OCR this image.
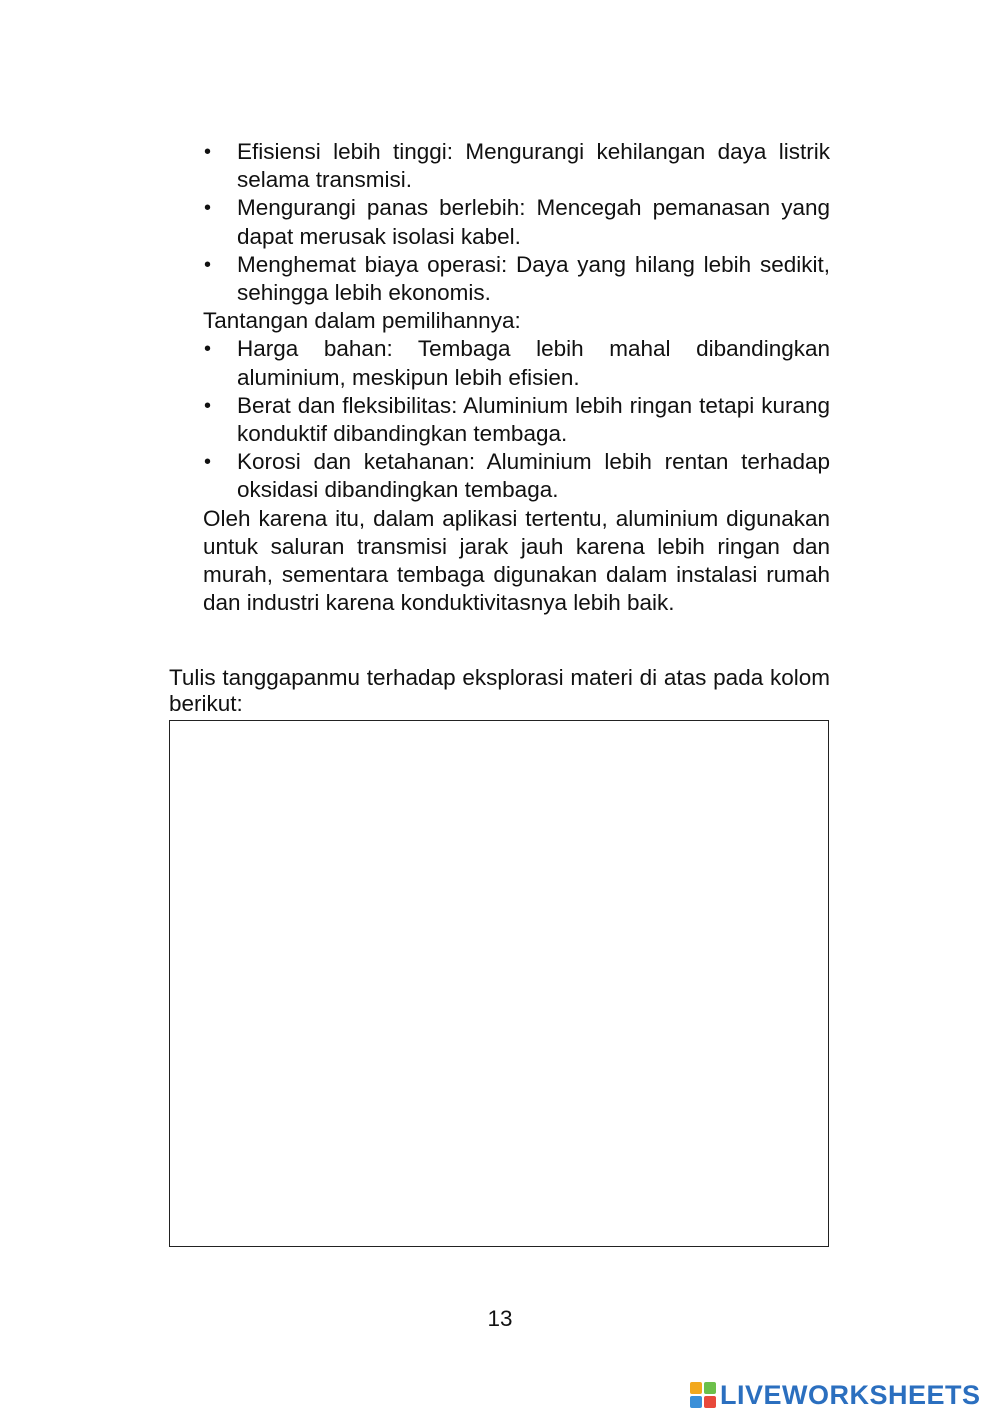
• Efisiensi lebih tinggi: Mengurangi kehilangan daya listrik selama transmisi.
• Mengurangi panas berlebih: Mencegah pemanasan yang dapat merusak isolasi kabel.
• Menghemat biaya operasi: Daya yang hilang lebih sedikit, sehingga lebih ekonomis.

Tantangan dalam pemilihannya:

• Harga bahan: Tembaga lebih mahal dibandingkan aluminium, meskipun lebih efisien.
• Berat dan fleksibilitas: Aluminium lebih ringan tetapi kurang konduktif dibandingkan tembaga.
• Korosi dan ketahanan: Aluminium lebih rentan terhadap oksidasi dibandingkan tembaga.

Oleh karena itu, dalam aplikasi tertentu, aluminium digunakan untuk saluran transmisi jarak jauh karena lebih ringan dan murah, sementara tembaga digunakan dalam instalasi rumah dan industri karena konduktivitasnya lebih baik.

Tulis tanggapanmu terhadap eksplorasi materi di atas pada kolom berikut:

13
LIVEWORKSHEETS
